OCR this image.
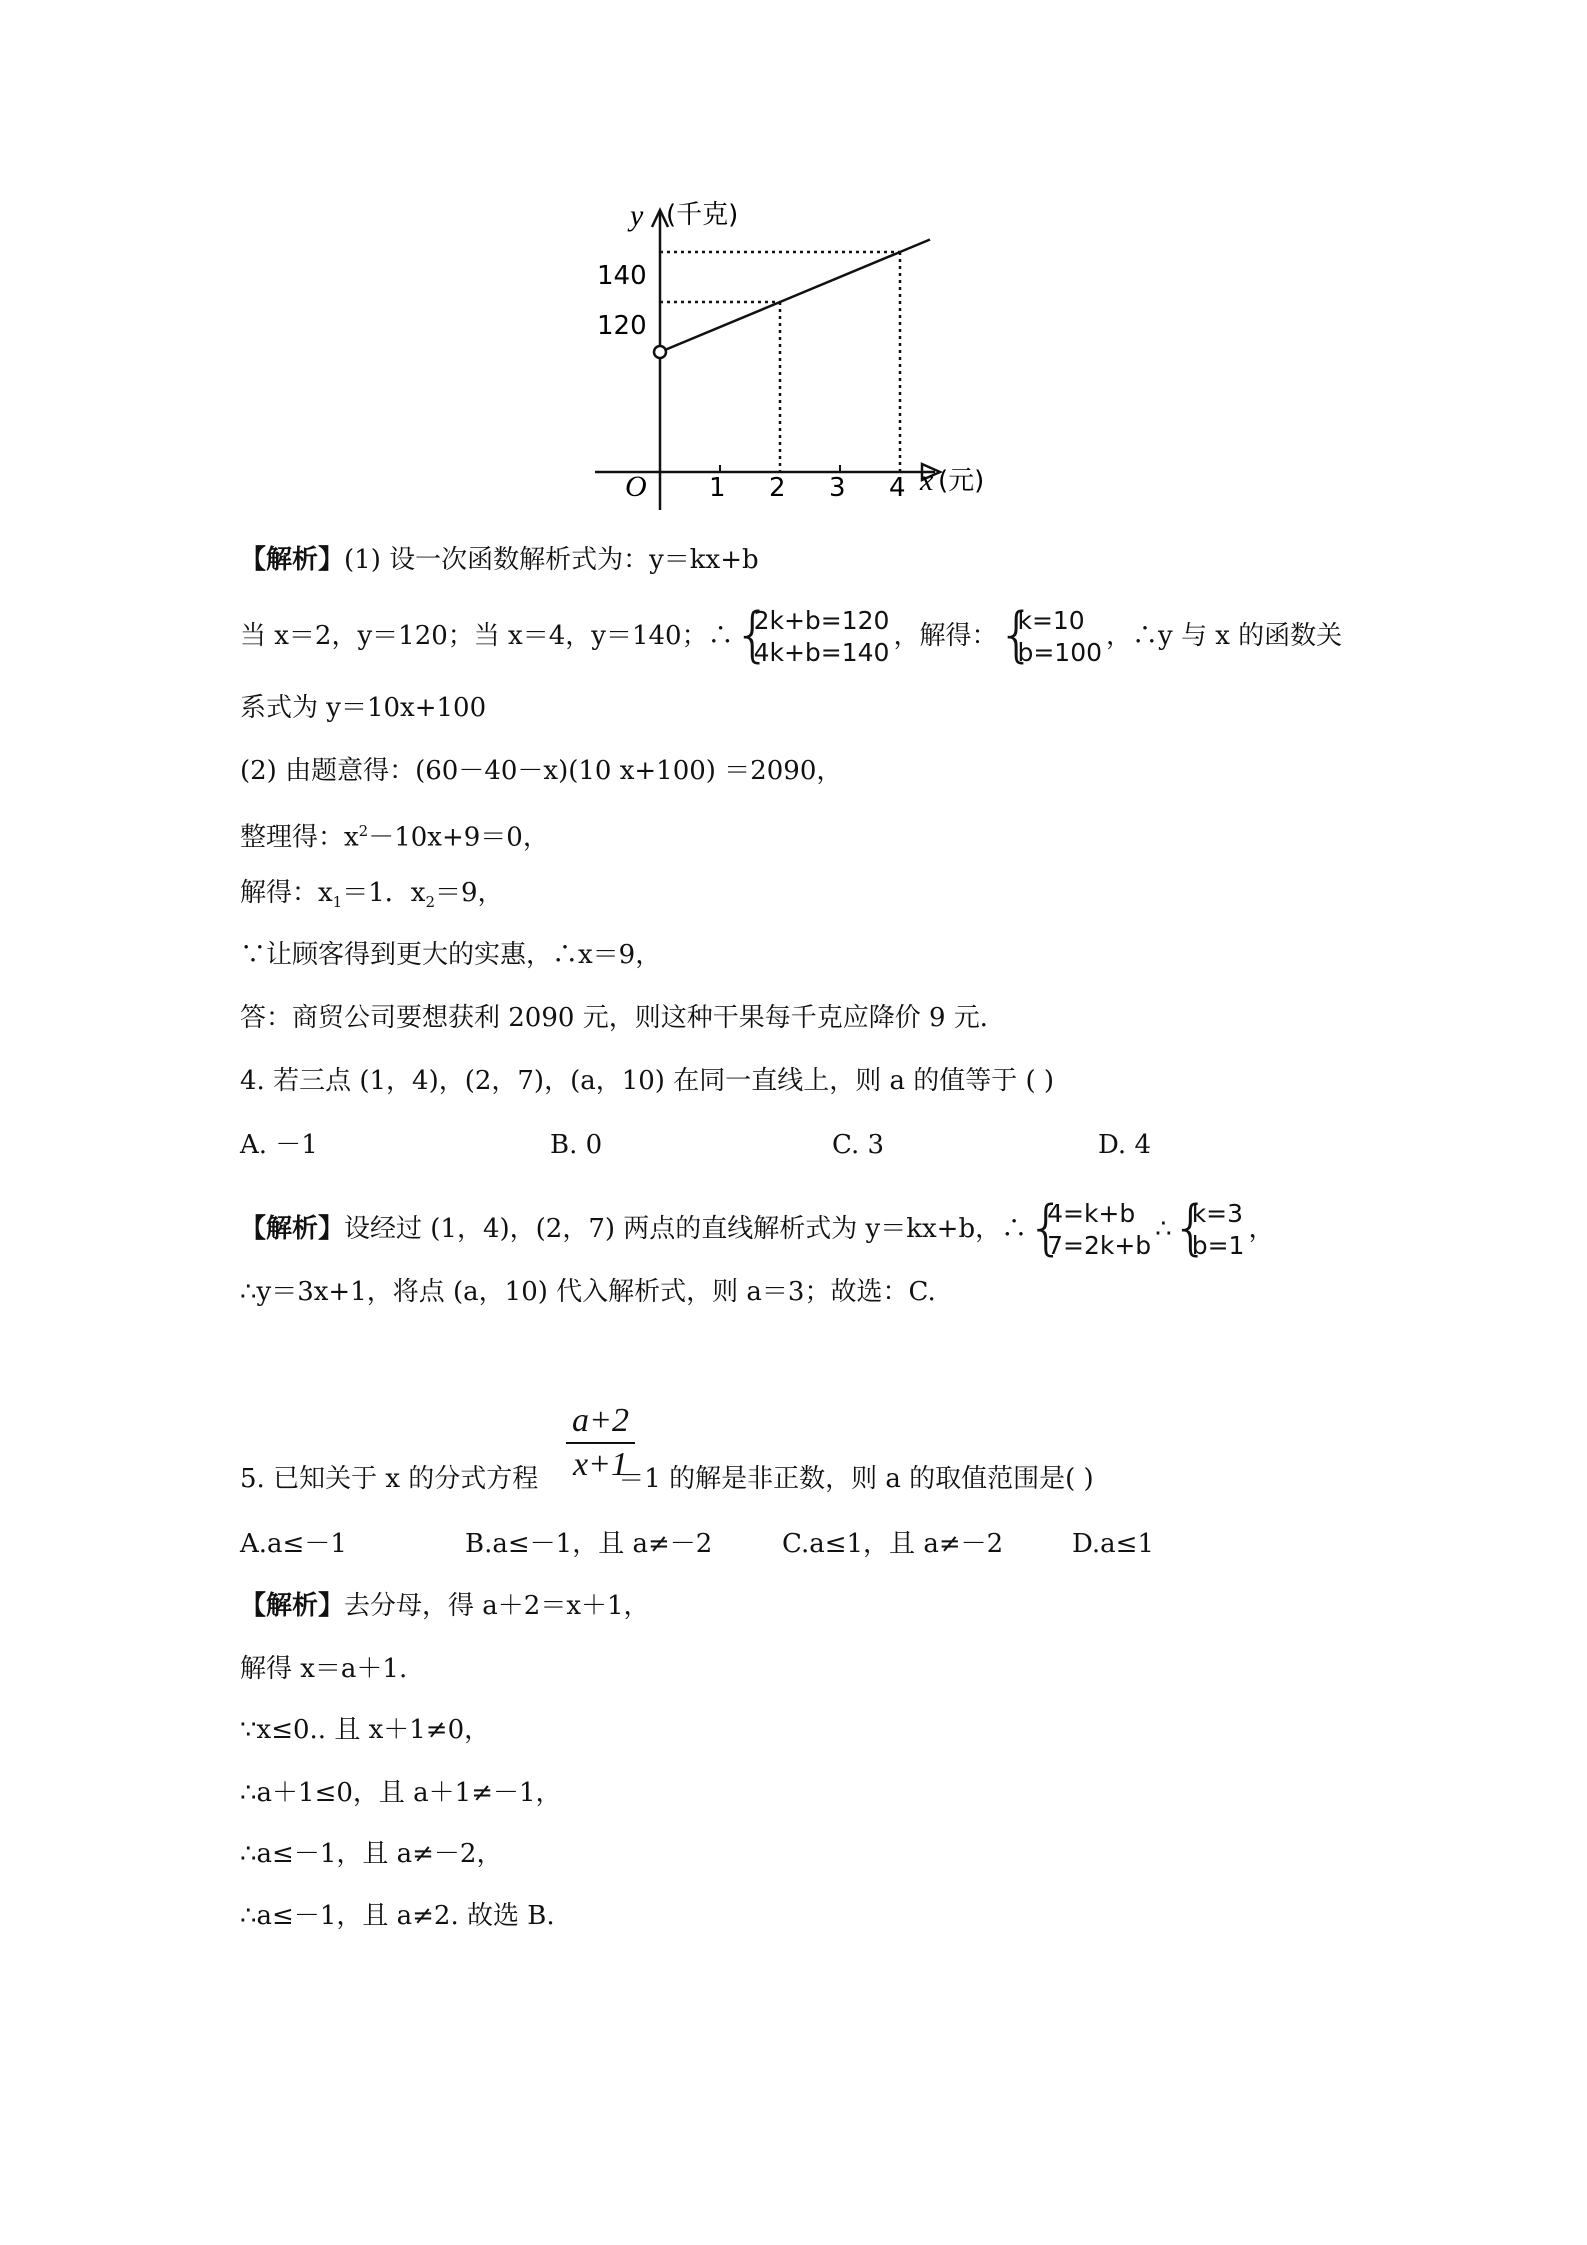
y (千克)
x (元)
O
140
120
1 2 3 4
【解析】(1) 设一次函数解析式为：y＝kx+b
当 x＝2，y＝120；当 x＝4，y＝140；∴
{ 2k+b=120
4k+b=140
，解得：
{ k=10
b=100
，∴y 与 x 的函数关
系式为 y＝10x+100
(2) 由题意得：(60－40－x)(10 x+100) ＝2090，
整理得：$x^2-10x+9=0$，
解得：$x_1=1$．$x_2=9$，
∵让顾客得到更大的实惠，∴x＝9，
答：商贸公司要想获利 2090 元，则这种干果每千克应降价 9 元．
4. 若三点 (1，4)，(2，7)，(a，10) 在同一直线上，则 a 的值等于 ( )
A. －1	B. 0	C. 3	D. 4
【解析】设经过 (1，4)，(2，7) 两点的直线解析式为 y＝kx+b，∴
{ 4=k+b
7=2k+b
∴
{ k=3
b=1
，
∴y＝3x+1，将点 (a，10) 代入解析式，则 a＝3；故选：C.
$\frac{a+2}{x+1}$
5. 已知关于 x 的分式方程	＝1 的解是非正数，则 a 的取值范围是( )
A.a≤－1	B.a≤－1，且 a≠－2	C.a≤1，且 a≠－2	D.a≤1
【解析】去分母，得 a＋2＝x＋1，
解得 x＝a＋1.
∵x≤0.. 且 x＋1≠0，
∴a＋1≤0，且 a＋1≠－1，
∴a≤－1，且 a≠－2，
∴a≤－1，且 a≠2. 故选 B.
